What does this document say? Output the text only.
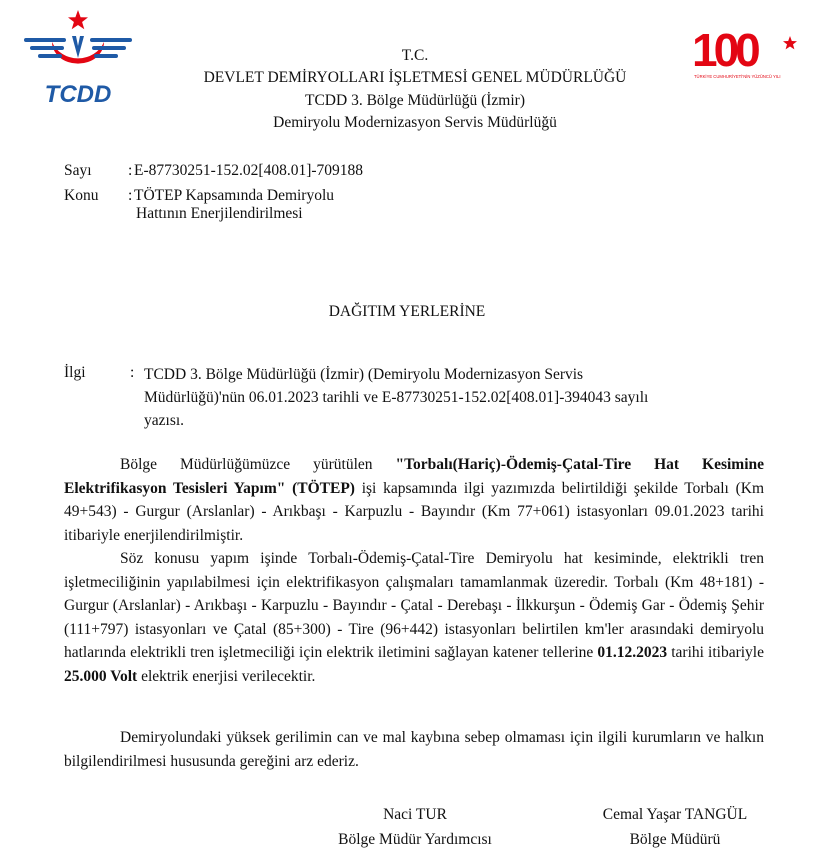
TCDD
100
TÜRKİYE CUMHURİYETİ'NİN YÜZÜNCÜ YILI
T.C.
DEVLET DEMİRYOLLARI İŞLETMESİ GENEL MÜDÜRLÜĞÜ
TCDD 3. Bölge Müdürlüğü (İzmir)
Demiryolu Modernizasyon Servis Müdürlüğü
Sayı : E-87730251-152.02[408.01]-709188
Konu : TÖTEP Kapsamında Demiryolu
Hattının Enerjilendirilmesi
DAĞITIM YERLERİNE
İlgi	: TCDD 3. Bölge Müdürlüğü (İzmir) (Demiryolu Modernizasyon Servis
Müdürlüğü)'nün 06.01.2023 tarihli ve E-87730251-152.02[408.01]-394043 sayılı
yazısı.

Bölge Müdürlüğümüzce yürütülen "Torbalı(Hariç)-Ödemiş-Çatal-Tire Hat Kesimine Elektrifikasyon Tesisleri Yapım" (TÖTEP) işi kapsamında ilgi yazımızda belirtildiği şekilde Torbalı (Km 49+543) - Gurgur (Arslanlar) - Arıkbaşı - Karpuzlu - Bayındır (Km 77+061) istasyonları 09.01.2023 tarihi itibariyle enerjilendirilmiştir.

Söz konusu yapım işinde Torbalı-Ödemiş-Çatal-Tire Demiryolu hat kesiminde, elektrikli tren işletmeciliğinin yapılabilmesi için elektrifikasyon çalışmaları tamamlanmak üzeredir. Torbalı (Km 48+181) - Gurgur (Arslanlar) - Arıkbaşı - Karpuzlu - Bayındır - Çatal - Derebaşı - İlkkurşun - Ödemiş Gar - Ödemiş Şehir (111+797) istasyonları ve Çatal (85+300) - Tire (96+442) istasyonları belirtilen km'ler arasındaki demiryolu hatlarında elektrikli tren işletmeciliği için elektrik iletimini sağlayan katener tellerine 01.12.2023 tarihi itibariyle 25.000 Volt elektrik enerjisi verilecektir.

Demiryolundaki yüksek gerilimin can ve mal kaybına sebep olmaması için ilgili kurumların ve halkın bilgilendirilmesi hususunda gereğini arz ederiz.

Naci TUR
Bölge Müdür Yardımcısı
Cemal Yaşar TANGÜL
Bölge Müdürü
